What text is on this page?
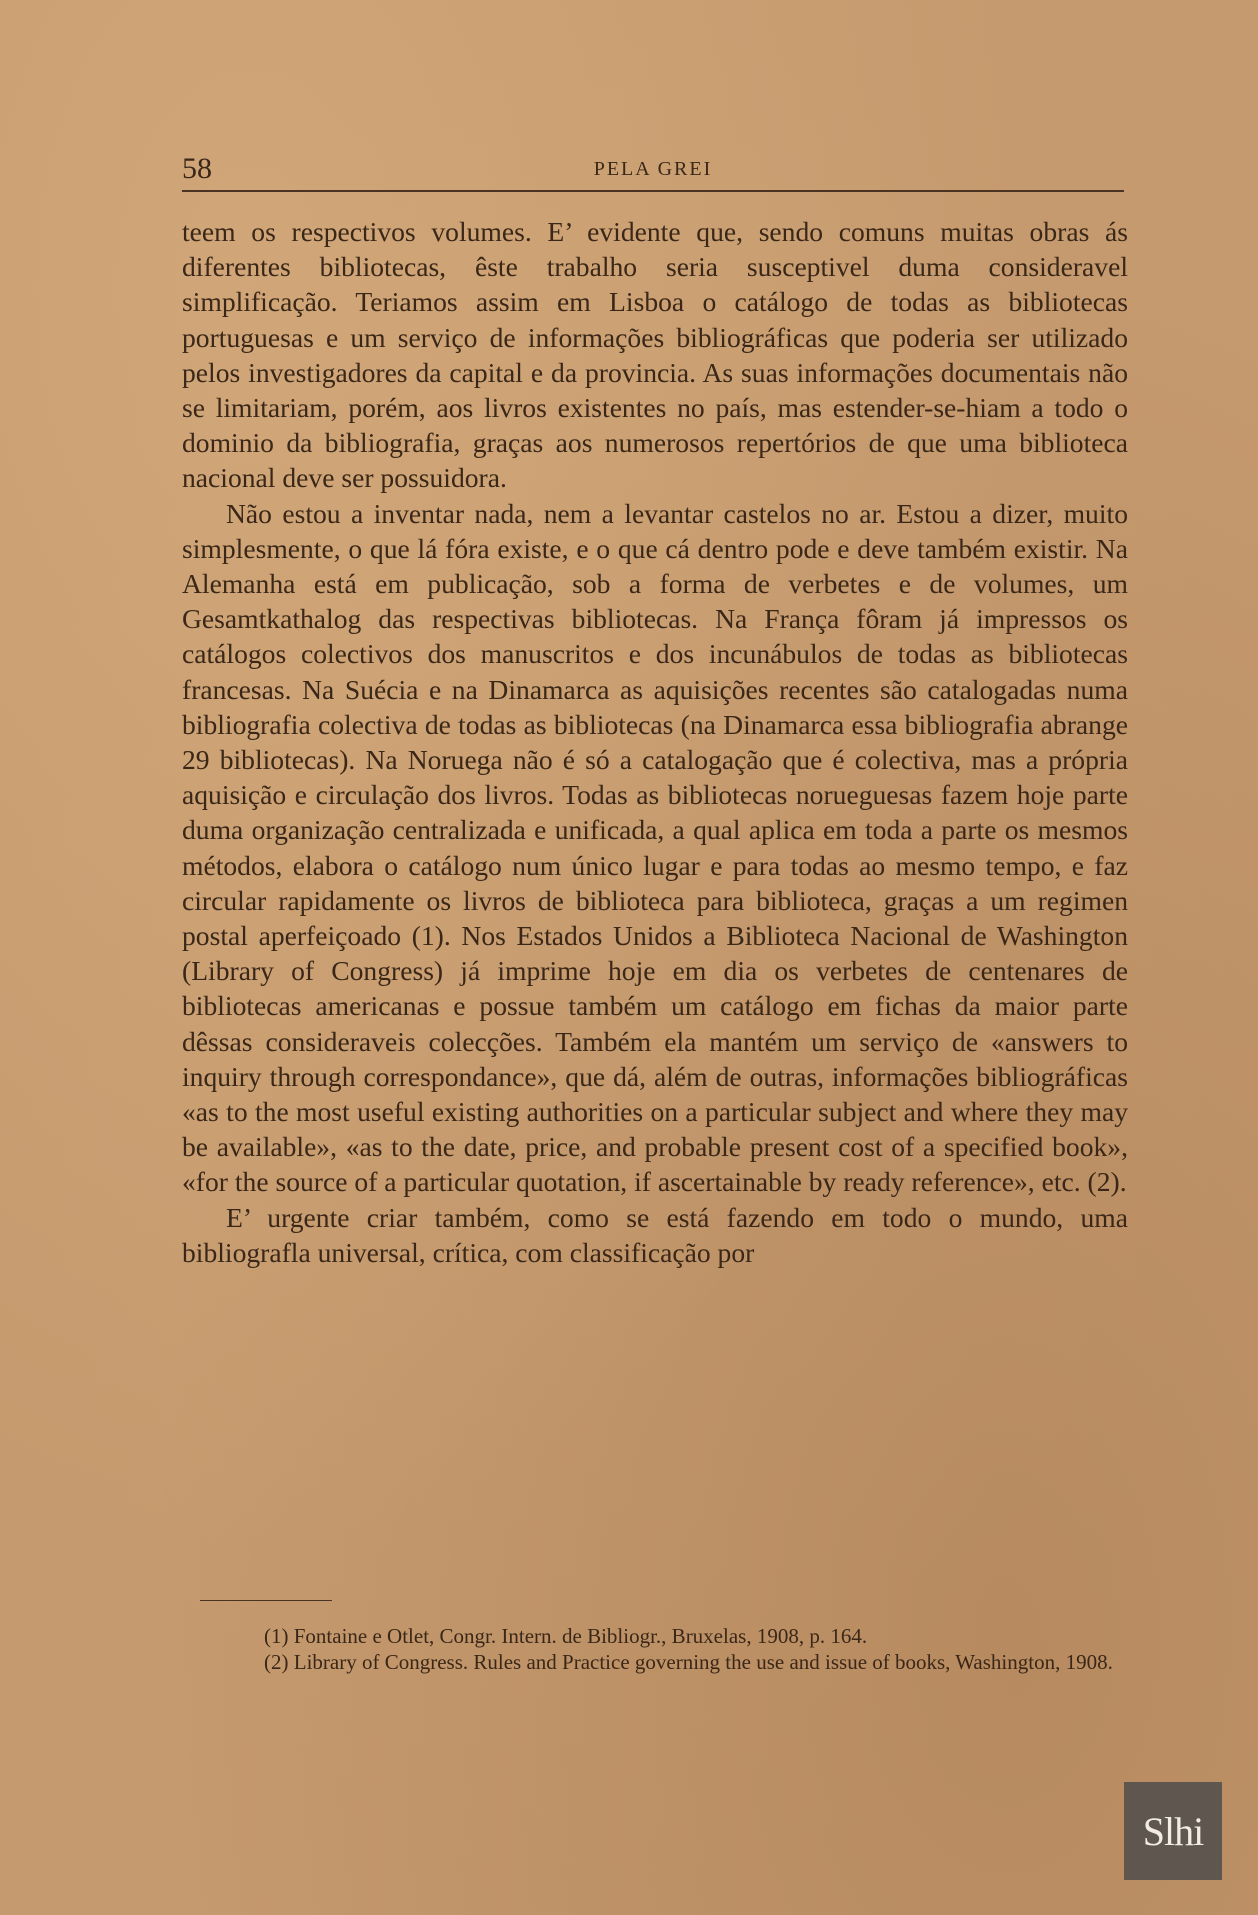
58	PELA GREI

teem os respectivos volumes. E’ evidente que, sendo comuns muitas obras ás diferentes bibliotecas, êste trabalho seria susceptivel duma consideravel simplificação. Teriamos assim em Lisboa o catálogo de todas as bibliotecas portuguesas e um serviço de informações bibliográficas que poderia ser utilizado pelos investigadores da capital e da provincia. As suas informações documentais não se limitariam, porém, aos livros existentes no país, mas estender-se-hiam a todo o dominio da bibliografia, graças aos numerosos repertórios de que uma biblioteca nacional deve ser possuidora.

Não estou a inventar nada, nem a levantar castelos no ar. Estou a dizer, muito simplesmente, o que lá fóra existe, e o que cá dentro pode e deve também existir. Na Alemanha está em publicação, sob a forma de verbetes e de volumes, um Gesamtkathalog das respectivas bibliotecas. Na França fôram já impressos os catálogos colectivos dos manuscritos e dos incunábulos de todas as bibliotecas francesas. Na Suécia e na Dinamarca as aquisições recentes são catalogadas numa bibliografia colectiva de todas as bibliotecas (na Dinamarca essa bibliografia abrange 29 bibliotecas). Na Noruega não é só a catalogação que é colectiva, mas a própria aquisição e circulação dos livros. Todas as bibliotecas norueguesas fazem hoje parte duma organização centralizada e unificada, a qual aplica em toda a parte os mesmos métodos, elabora o catálogo num único lugar e para todas ao mesmo tempo, e faz circular rapidamente os livros de biblioteca para biblioteca, graças a um regimen postal aperfeiçoado (1). Nos Estados Unidos a Biblioteca Nacional de Washington (Library of Congress) já imprime hoje em dia os verbetes de centenares de bibliotecas americanas e possue também um catálogo em fichas da maior parte dêssas consideraveis colecções. Também ela mantém um serviço de «answers to inquiry through correspondance», que dá, além de outras, informações bibliográficas «as to the most useful existing authorities on a particular subject and where they may be available», «as to the date, price, and probable present cost of a specified book», «for the source of a particular quotation, if ascertainable by ready reference», etc. (2).

E’ urgente criar também, como se está fazendo em todo o mundo, uma bibliografla universal, crítica, com classificação por

(1) Fontaine e Otlet, Congr. Intern. de Bibliogr., Bruxelas, 1908, p. 164.

(2) Library of Congress. Rules and Practice governing the use and issue of books, Washington, 1908.

Slhi
